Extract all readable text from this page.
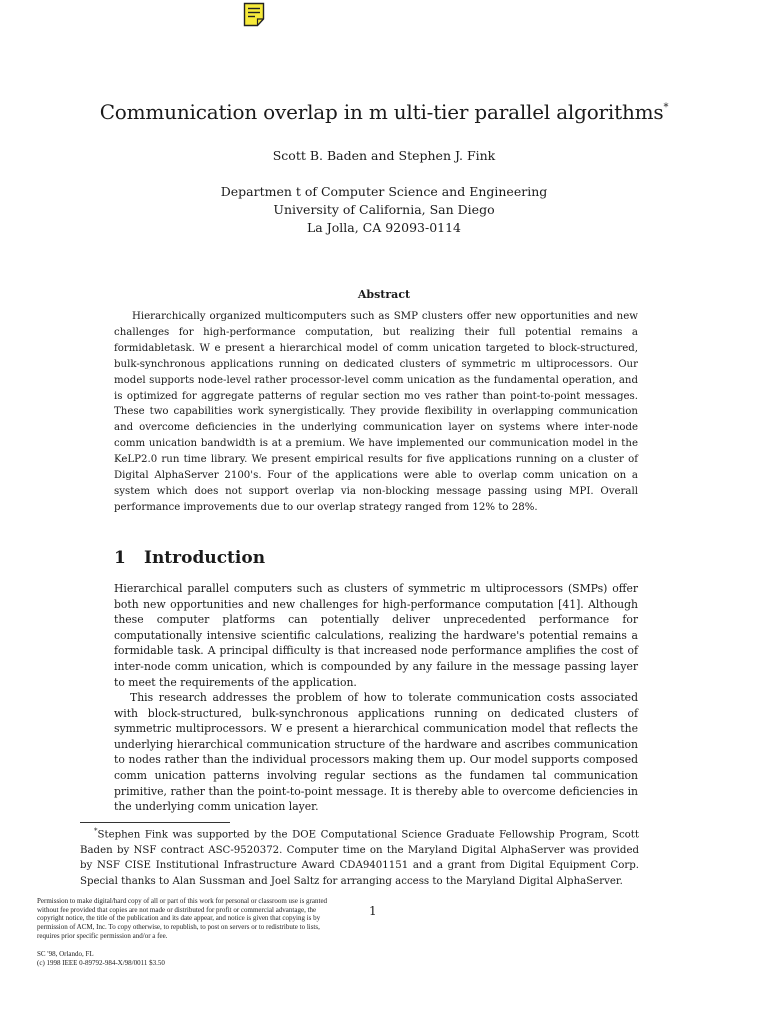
Communication overlap in m ulti-tier parallel algorithms*
Scott B. Baden and Stephen J. Fink
Departmen t of Computer Science and Engineering
University of California, San Diego
La Jolla, CA 92093-0114
Abstract

Hierarchically organized multicomputers such as SMP clusters offer new opportunities and new challenges for high-performance computation, but realizing their full potential remains a formidabletask. W e present a hierarchical model of comm unication targeted to block-structured, bulk-synchronous applications running on dedicated clusters of symmetric m ultiprocessors. Our model supports node-level rather processor-level comm unication as the fundamental operation, and is optimized for aggregate patterns of regular section mo ves rather than point-to-point messages. These two capabilities work synergistically. They provide flexibility in overlapping communication and overcome deficiencies in the underlying communication layer on systems where inter-node comm unication bandwidth is at a premium. We have implemented our communication model in the KeLP2.0 run time library. We present empirical results for five applications running on a cluster of Digital AlphaServer 2100's. Four of the applications were able to overlap comm unication on a system which does not support overlap via non-blocking message passing using MPI. Overall performance improvements due to our overlap strategy ranged from 12% to 28%.

1 Introduction

Hierarchical parallel computers such as clusters of symmetric m ultiprocessors (SMPs) offer both new opportunities and new challenges for high-performance computation [41]. Although these computer platforms can potentially deliver unprecedented performance for computationally intensive scientific calculations, realizing the hardware's potential remains a formidable task. A principal difficulty is that increased node performance amplifies the cost of inter-node comm unication, which is compounded by any failure in the message passing layer to meet the requirements of the application.

This research addresses the problem of how to tolerate communication costs associated with block-structured, bulk-synchronous applications running on dedicated clusters of symmetric multiprocessors. W e present a hierarchical communication model that reflects the underlying hierarchical communication structure of the hardware and ascribes communication to nodes rather than the individual processors making them up. Our model supports composed comm unication patterns involving regular sections as the fundamen tal communication primitive, rather than the point-to-point message. It is thereby able to overcome deficiencies in the underlying comm unication layer.

*Stephen Fink was supported by the DOE Computational Science Graduate Fellowship Program, Scott Baden by NSF contract ASC-9520372. Computer time on the Maryland Digital AlphaServer was provided by NSF CISE Institutional Infrastructure Award CDA9401151 and a grant from Digital Equipment Corp. Special thanks to Alan Sussman and Joel Saltz for arranging access to the Maryland Digital AlphaServer.

Permission to make digital/hard copy of all or part of this work for personal or classroom use is granted
without fee provided that copies are not made or distributed for profit or commercial advantage, the
copyright notice, the title of the publication and its date appear, and notice is given that copying is by
permission of ACM, Inc. To copy otherwise, to republish, to post on servers or to redistribute to lists,
requires prior specific permission and/or a fee.
SC '98, Orlando, FL
(c) 1998 IEEE 0-89792-984-X/98/0011 $3.50
1
